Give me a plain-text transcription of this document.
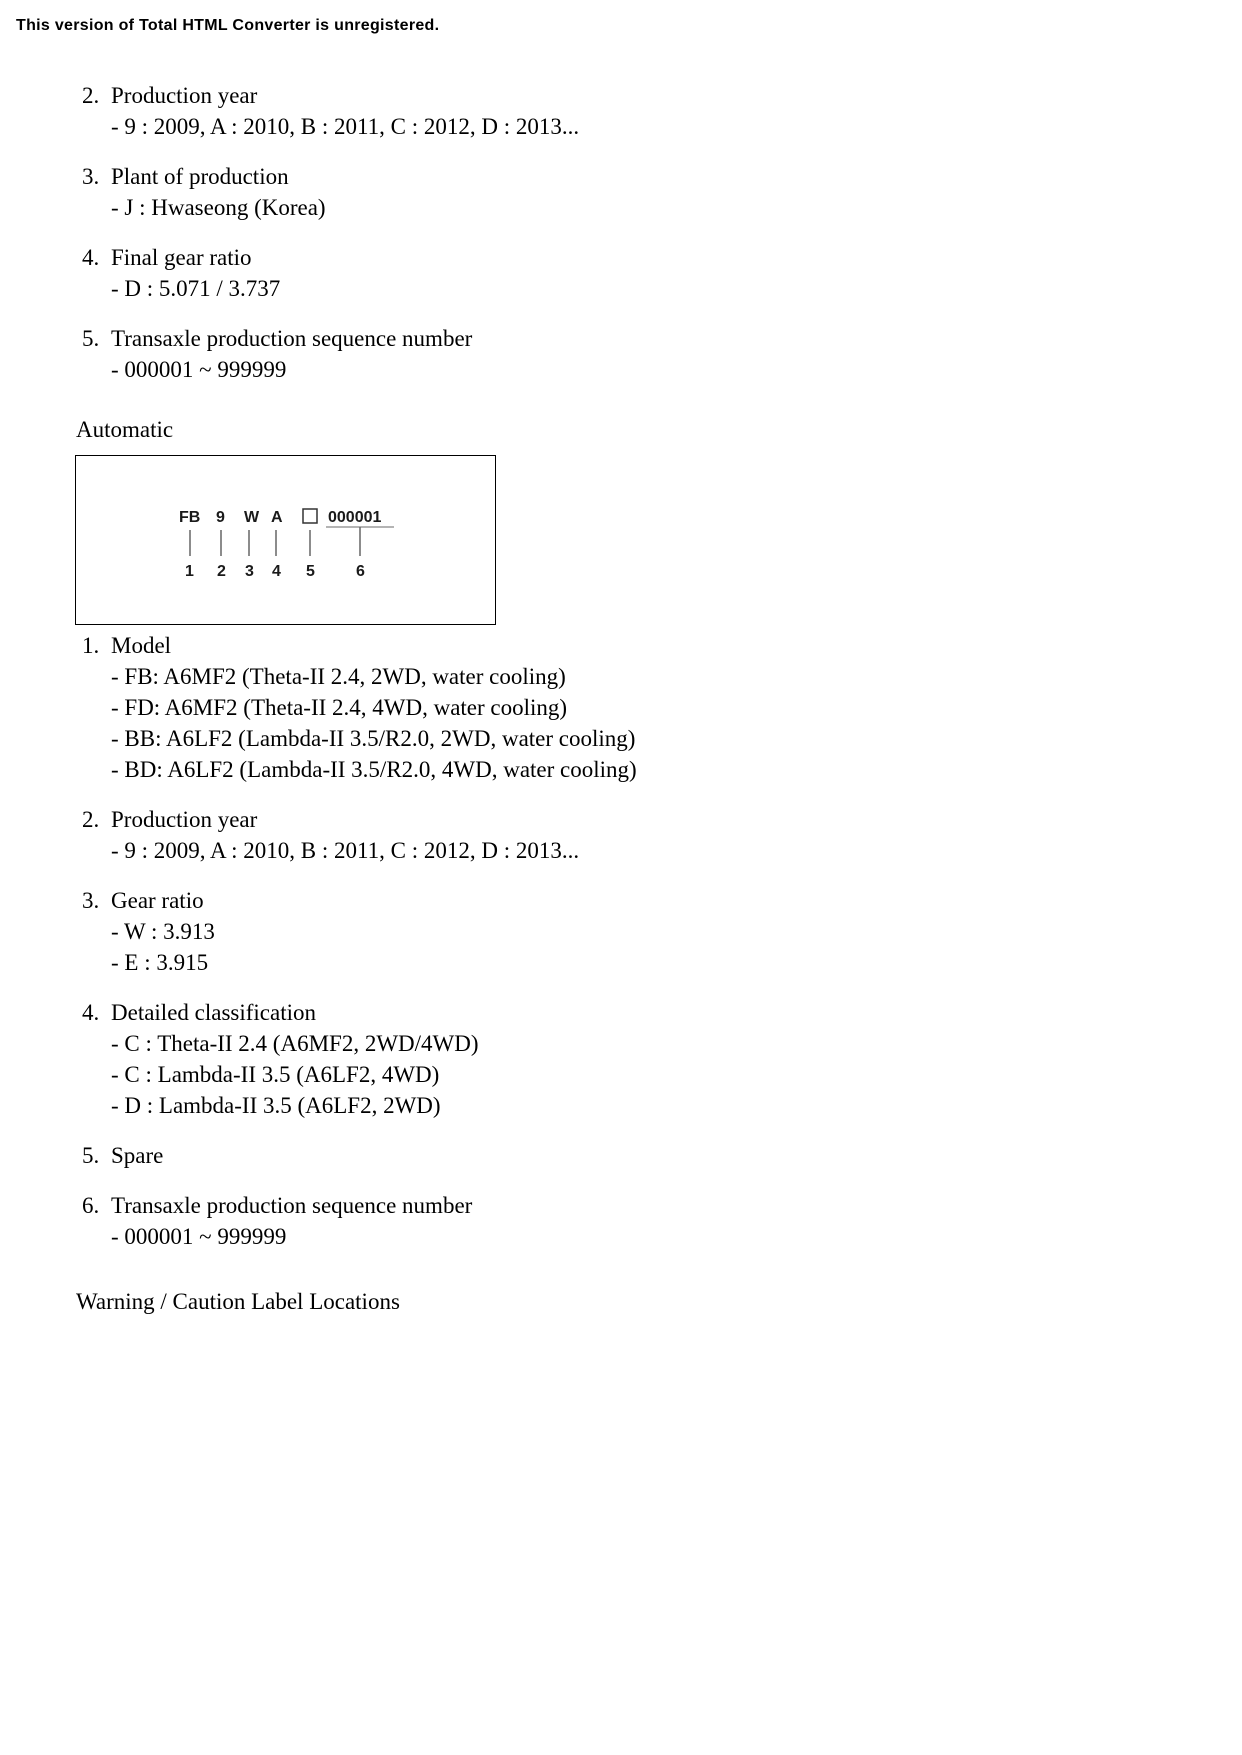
This version of Total HTML Converter is unregistered.
2. Production year
- 9 : 2009, A : 2010, B : 2011, C : 2012, D : 2013...
3. Plant of production
- J : Hwaseong (Korea)
4. Final gear ratio
- D : 5.071 / 3.737
5. Transaxle production sequence number
- 000001 ~ 999999
Automatic
FB 9 W A	000001
1 2 3 4 5	6
1. Model
- FB: A6MF2 (Theta-II 2.4, 2WD, water cooling)
- FD: A6MF2 (Theta-II 2.4, 4WD, water cooling)
- BB: A6LF2 (Lambda-II 3.5/R2.0, 2WD, water cooling)
- BD: A6LF2 (Lambda-II 3.5/R2.0, 4WD, water cooling)
2. Production year
- 9 : 2009, A : 2010, B : 2011, C : 2012, D : 2013...
3. Gear ratio
- W : 3.913
- E : 3.915
4. Detailed classification
- C : Theta-II 2.4 (A6MF2, 2WD/4WD)
- C : Lambda-II 3.5 (A6LF2, 4WD)
- D : Lambda-II 3.5 (A6LF2, 2WD)
5. Spare
6. Transaxle production sequence number
- 000001 ~ 999999
Warning / Caution Label Locations
